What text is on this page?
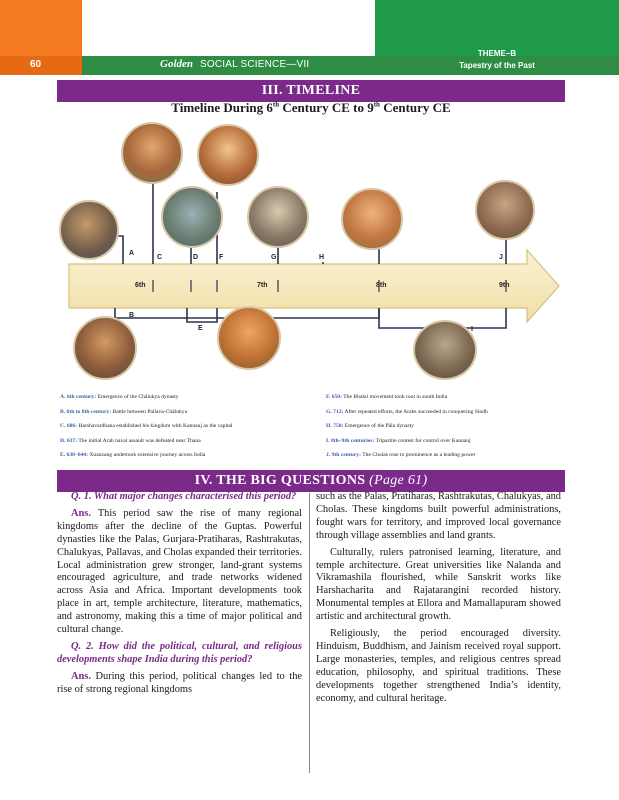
60	Golden SOCIAL SCIENCE—VII
THEME–B
Tapestry of the Past
III. TIMELINE
Timeline During 6th Century CE to 9th Century CE
A
B
C	D
E
F	G	H
I
J
6th	7th	8th	9th
A. 6th century: Emergence of the Chālukya dynasty
B. 6th to 8th century: Battle between Pallava-Chālukya
C. 606: Harshavardhana established his kingdom with Kannauj as the capital
D. 637: The initial Arab naval assault was defeated near Thana
E. 630–644: Xuanzang undertook extensive journey across India
F. 650: The Bhakti movement took root in south India
G. 712: After repeated efforts, the Arabs succeeded in conquering Sindh
H. 750: Emergence of the Pāla dynasty
I. 8th–9th centuries: Tripartite contest for control over Kannauj
J. 9th century: The Cholas rose to prominence as a leading power
IV. THE BIG QUESTIONS (Page 61)

Q. 1. What major changes characterised this period?

Ans. This period saw the rise of many regional kingdoms after the decline of the Guptas. Powerful dynasties like the Palas, Gurjara-Pratiharas, Rashtrakutas, Chalukyas, Pallavas, and Cholas expanded their territories. Local administration grew stronger, land-grant systems encouraged agriculture, and trade networks widened across Asia and Africa. Important developments took place in art, temple architecture, literature, mathematics, and astronomy, making this a time of major political and cultural change.

Q. 2. How did the political, cultural, and religious developments shape India during this period?

Ans. During this period, political changes led to the rise of strong regional kingdoms

such as the Palas, Pratiharas, Rashtrakutas, Chalukyas, and Cholas. These kingdoms built powerful administrations, fought wars for territory, and improved local governance through village assemblies and land grants.

Culturally, rulers patronised learning, literature, and temple architecture. Great universities like Nalanda and Vikramashila flourished, while Sanskrit works like Harshacharita and Rajatarangini recorded history. Monumental temples at Ellora and Mamallapuram showed artistic and architectural growth.

Religiously, the period encouraged diversity. Hinduism, Buddhism, and Jainism received royal support. Large monasteries, temples, and religious centres spread education, philosophy, and spiritual traditions. These developments together strengthened India’s identity, economy, and cultural heritage.
